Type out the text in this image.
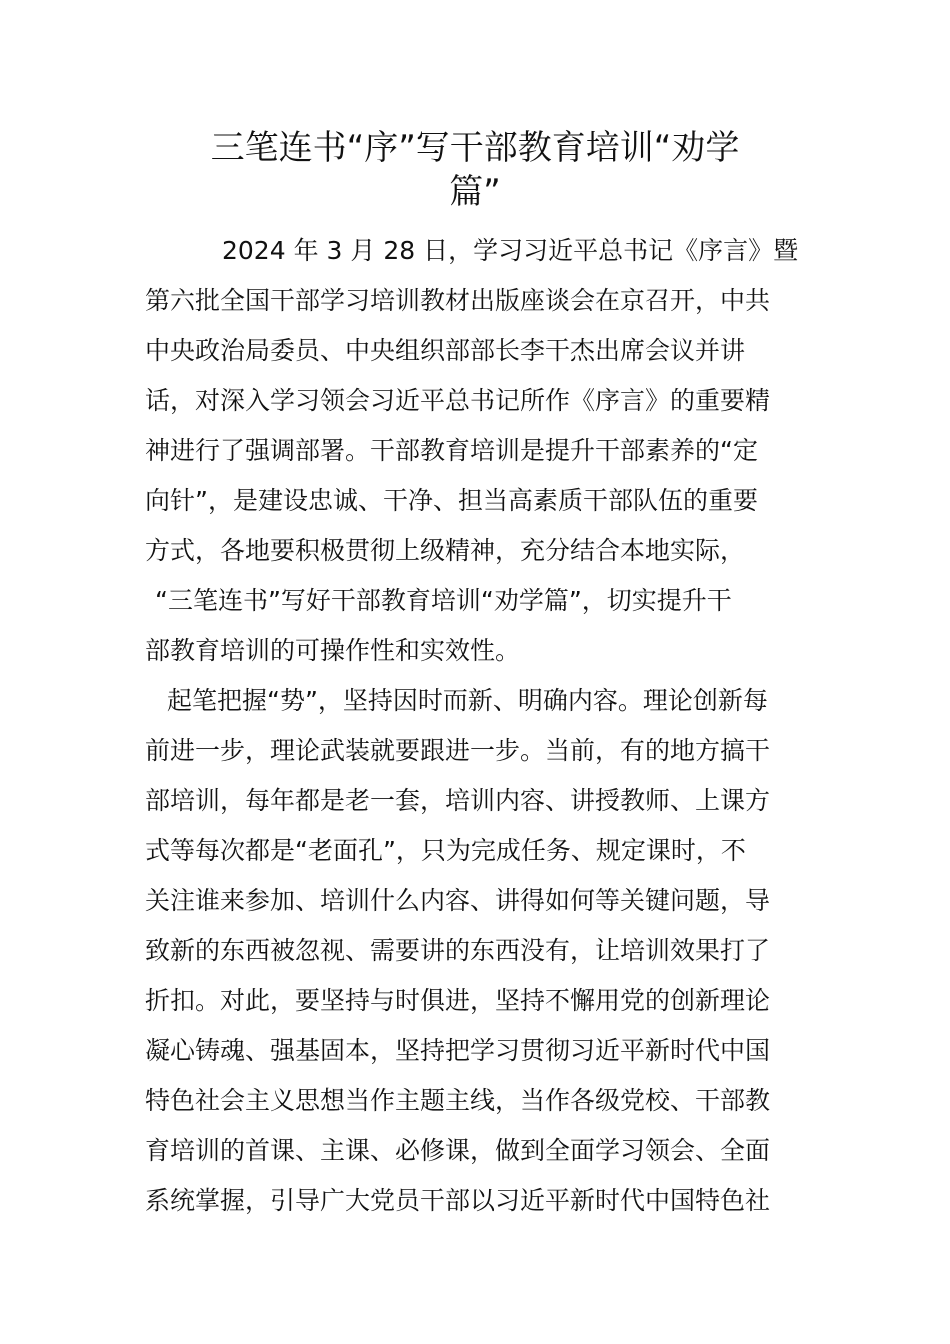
三笔连书“序”写干部教育培训“劝学
篇”

2024 年 3 月 28 日，学习习近平总书记《序言》暨

第六批全国干部学习培训教材出版座谈会在京召开，中共

中央政治局委员、中央组织部部长李干杰出席会议并讲

话，对深入学习领会习近平总书记所作《序言》的重要精

神进行了强调部署。干部教育培训是提升干部素养的“定

向针”，是建设忠诚、干净、担当高素质干部队伍的重要

方式，各地要积极贯彻上级精神，充分结合本地实际，

“三笔连书”写好干部教育培训“劝学篇”，切实提升干

部教育培训的可操作性和实效性。

起笔把握“势”，坚持因时而新、明确内容。理论创新每

前进一步，理论武装就要跟进一步。当前，有的地方搞干

部培训，每年都是老一套，培训内容、讲授教师、上课方

式等每次都是“老面孔”，只为完成任务、规定课时，不

关注谁来参加、培训什么内容、讲得如何等关键问题，导

致新的东西被忽视、需要讲的东西没有，让培训效果打了

折扣。对此，要坚持与时俱进，坚持不懈用党的创新理论

凝心铸魂、强基固本，坚持把学习贯彻习近平新时代中国

特色社会主义思想当作主题主线，当作各级党校、干部教

育培训的首课、主课、必修课，做到全面学习领会、全面

系统掌握，引导广大党员干部以习近平新时代中国特色社
